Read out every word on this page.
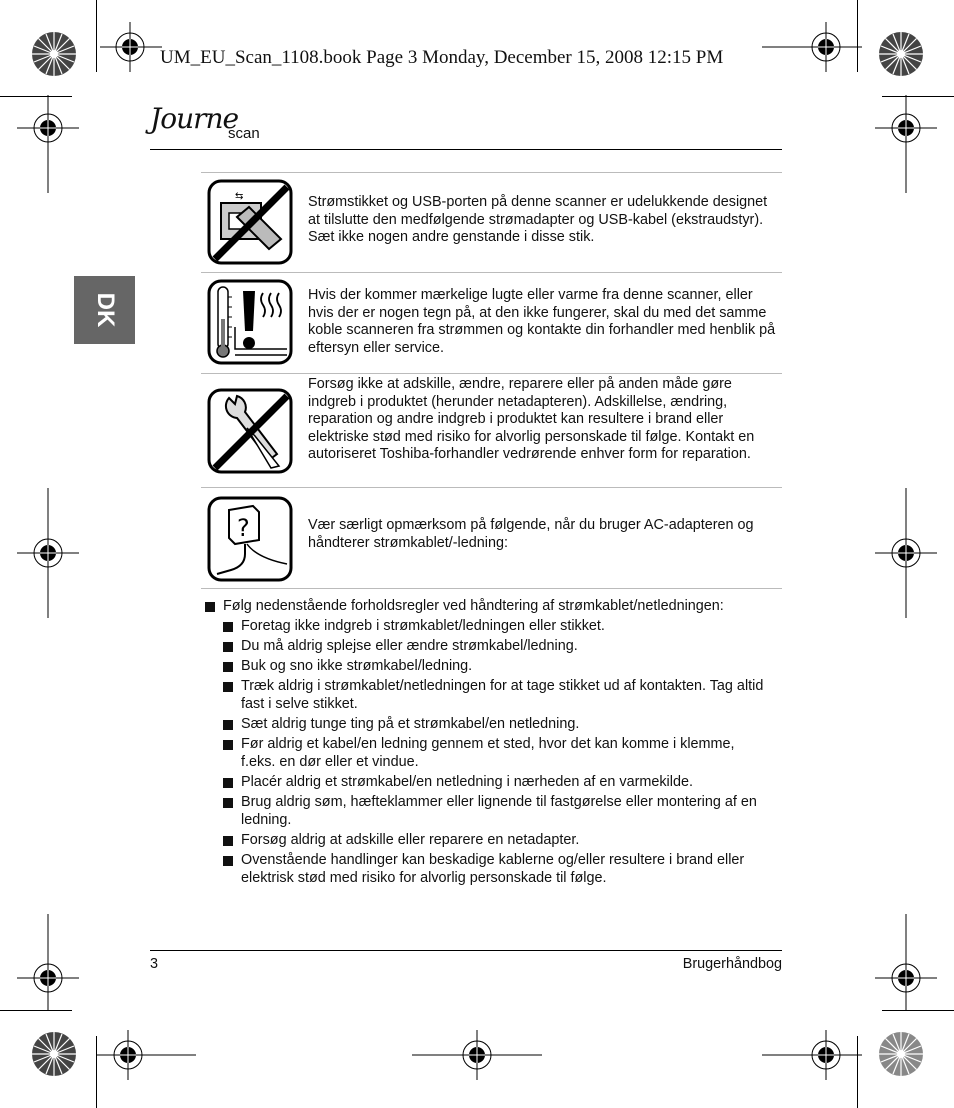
UM_EU_Scan_1108.book Page 3 Monday, December 15, 2008 12:15 PM
Journe
scan
DK
⇆	Strømstikket og USB-porten på denne scanner er udelukkende designet at tilslutte den medfølgende strømadapter og USB-kabel (ekstraudstyr). Sæt ikke nogen andre genstande i disse stik.
Hvis der kommer mærkelige lugte eller varme fra denne scanner, eller hvis der er nogen tegn på, at den ikke fungerer, skal du med det samme koble scanneren fra strømmen og kontakte din forhandler med henblik på eftersyn eller service.
Forsøg ikke at adskille, ændre, reparere eller på anden måde gøre indgreb i produktet (herunder netadapteren). Adskillelse, ændring, reparation og andre indgreb i produktet kan resultere i brand eller elektriske stød med risiko for alvorlig personskade til følge. Kontakt en autoriseret Toshiba-forhandler vedrørende enhver form for reparation.
?	Vær særligt opmærksom på følgende, når du bruger AC-adapteren og håndterer strømkablet/-ledning:
Følg nedenstående forholdsregler ved håndtering af strømkablet/netledningen:
Foretag ikke indgreb i strømkablet/ledningen eller stikket.
Du må aldrig splejse eller ændre strømkabel/ledning.
Buk og sno ikke strømkabel/ledning.
Træk aldrig i strømkablet/netledningen for at tage stikket ud af kontakten. Tag altid fast i selve stikket.
Sæt aldrig tunge ting på et strømkabel/en netledning.
Før aldrig et kabel/en ledning gennem et sted, hvor det kan komme i klemme, f.eks. en dør eller et vindue.
Placér aldrig et strømkabel/en netledning i nærheden af en varmekilde.
Brug aldrig søm, hæfteklammer eller lignende til fastgørelse eller montering af en ledning.
Forsøg aldrig at adskille eller reparere en netadapter.
Ovenstående handlinger kan beskadige kablerne og/eller resultere i brand eller elektrisk stød med risiko for alvorlig personskade til følge.
3	Brugerhåndbog
